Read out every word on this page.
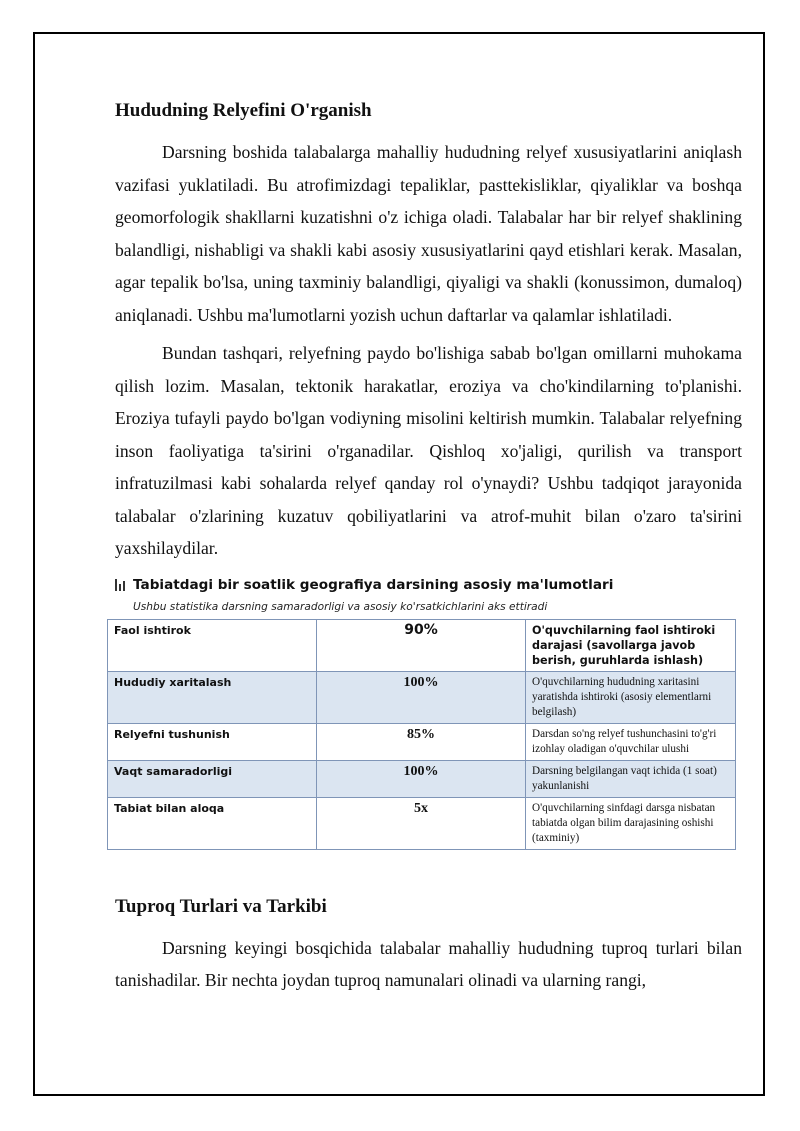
Hududning Relyefini O'rganish

Darsning boshida talabalarga mahalliy hududning relyef xususiyatlarini aniqlash vazifasi yuklatiladi. Bu atrofimizdagi tepaliklar, pasttekisliklar, qiyaliklar va boshqa geomorfologik shakllarni kuzatishni o'z ichiga oladi. Talabalar har bir relyef shaklining balandligi, nishabligi va shakli kabi asosiy xususiyatlarini qayd etishlari kerak. Masalan, agar tepalik bo'lsa, uning taxminiy balandligi, qiyaligi va shakli (konussimon, dumaloq) aniqlanadi. Ushbu ma'lumotlarni yozish uchun daftarlar va qalamlar ishlatiladi.

Bundan tashqari, relyefning paydo bo'lishiga sabab bo'lgan omillarni muhokama qilish lozim. Masalan, tektonik harakatlar, eroziya va cho'kindilarning to'planishi. Eroziya tufayli paydo bo'lgan vodiyning misolini keltirish mumkin. Talabalar relyefning inson faoliyatiga ta'sirini o'rganadilar. Qishloq xo'jaligi, qurilish va transport infratuzilmasi kabi sohalarda relyef qanday rol o'ynaydi? Ushbu tadqiqot jarayonida talabalar o'zlarining kuzatuv qobiliyatlarini va atrof-muhit bilan o'zaro ta'sirini yaxshilaydilar.

Tabiatdagi bir soatlik geografiya darsining asosiy ma'lumotlari
Ushbu statistika darsning samaradorligi va asosiy ko'rsatkichlarini aks ettiradi
Faol ishtirok	90%	O'quvchilarning faol ishtiroki darajasi (savollarga javob berish, guruhlarda ishlash)
Hududiy xaritalash	100%	O'quvchilarning hududning xaritasini yaratishda ishtiroki (asosiy elementlarni belgilash)
Relyefni tushunish	85%	Darsdan so'ng relyef tushunchasini to'g'ri izohlay oladigan o'quvchilar ulushi
Vaqt samaradorligi	100%	Darsning belgilangan vaqt ichida (1 soat) yakunlanishi
Tabiat bilan aloqa	5x	O'quvchilarning sinfdagi darsga nisbatan tabiatda olgan bilim darajasining oshishi (taxminiy)
Tuproq Turlari va Tarkibi

Darsning keyingi bosqichida talabalar mahalliy hududning tuproq turlari bilan tanishadilar. Bir nechta joydan tuproq namunalari olinadi va ularning rangi,
